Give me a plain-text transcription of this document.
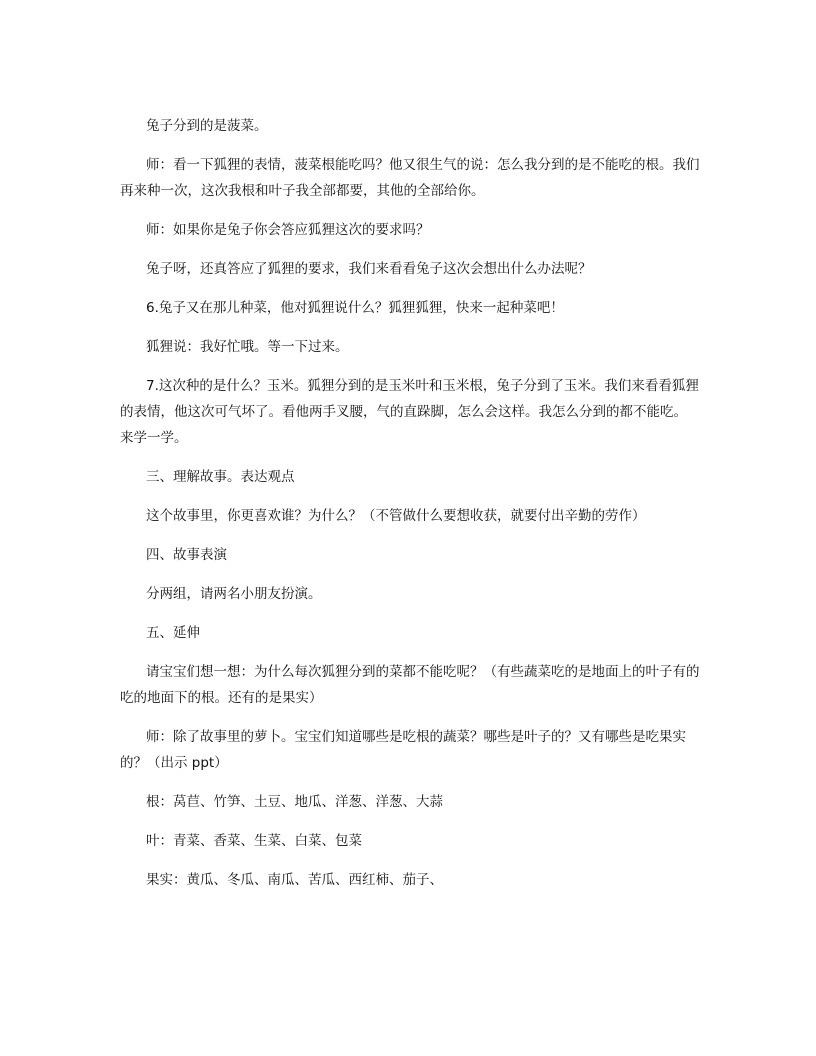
兔子分到的是菠菜。

师：看一下狐狸的表情，菠菜根能吃吗？他又很生气的说：怎么我分到的是不能吃的根。我们再来种一次，这次我根和叶子我全部都要，其他的全部给你。

师：如果你是兔子你会答应狐狸这次的要求吗？

兔子呀，还真答应了狐狸的要求，我们来看看兔子这次会想出什么办法呢？

6.兔子又在那儿种菜，他对狐狸说什么？狐狸狐狸，快来一起种菜吧！

狐狸说：我好忙哦。等一下过来。

7.这次种的是什么？玉米。狐狸分到的是玉米叶和玉米根，兔子分到了玉米。我们来看看狐狸的表情，他这次可气坏了。看他两手叉腰，气的直跺脚，怎么会这样。我怎么分到的都不能吃。来学一学。

三、理解故事。表达观点

这个故事里，你更喜欢谁？为什么？（不管做什么要想收获，就要付出辛勤的劳作）

四、故事表演

分两组，请两名小朋友扮演。

五、延伸

请宝宝们想一想：为什么每次狐狸分到的菜都不能吃呢？（有些蔬菜吃的是地面上的叶子有的吃的地面下的根。还有的是果实）

师：除了故事里的萝卜。宝宝们知道哪些是吃根的蔬菜？哪些是叶子的？又有哪些是吃果实的？（出示 ppt）

根：莴苣、竹笋、土豆、地瓜、洋葱、洋葱、大蒜

叶：青菜、香菜、生菜、白菜、包菜

果实：黄瓜、冬瓜、南瓜、苦瓜、西红柿、茄子、
